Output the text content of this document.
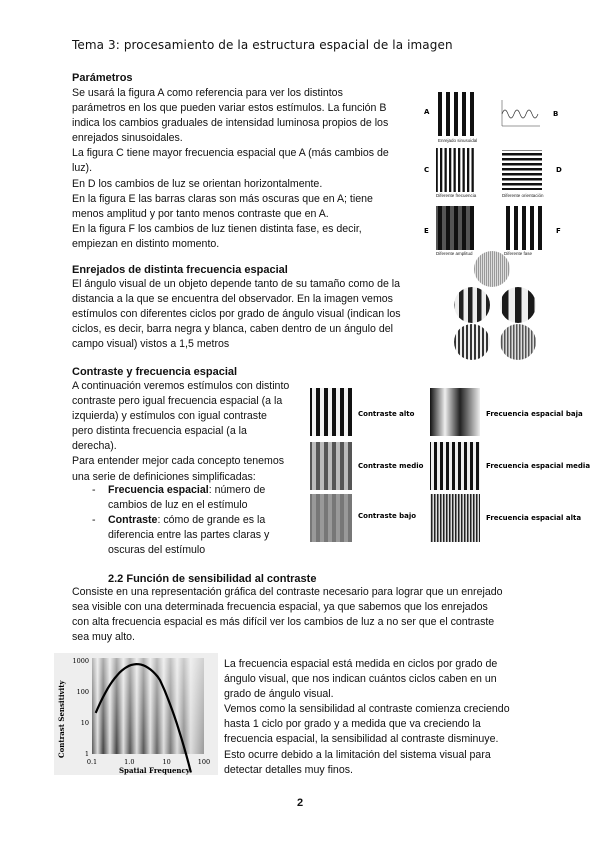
Tema 3: procesamiento de la estructura espacial de la imagen
Parámetros
Se usará la figura A como referencia para ver los distintos
parámetros en los que pueden variar estos estímulos. La función B
indica los cambios graduales de intensidad luminosa propios de los
enrejados sinusoidales.
La figura C tiene mayor frecuencia espacial que A (más cambios de
luz).
En D los cambios de luz se orientan horizontalmente.
En la figura E las barras claras son más oscuras que en A; tiene
menos amplitud y por tanto menos contraste que en A.
En la figura F los cambios de luz tienen distinta fase, es decir,
empiezan en distinto momento.
A
Enrejado sinusoidal
B
C
Diferente frecuencia	Diferente orientación
D
E
Diferente amplitud	Diferente fase
F
Enrejados de distinta frecuencia espacial
El ángulo visual de un objeto depende tanto de su tamaño como de la
distancia a la que se encuentra del observador. En la imagen vemos
estímulos con diferentes ciclos por grado de ángulo visual (indican los
ciclos, es decir, barra negra y blanca, caben dentro de un ángulo del
campo visual) vistos a 1,5 metros
Contraste y frecuencia espacial
A continuación veremos estímulos con distinto
contraste pero igual frecuencia espacial (a la
izquierda) y estímulos con igual contraste
pero distinta frecuencia espacial (a la
derecha).
Para entender mejor cada concepto tenemos
una serie de definiciones simplificadas:
- Frecuencia espacial: número de
cambios de luz en el estímulo
- Contraste: cómo de grande es la
diferencia entre las partes claras y
oscuras del estímulo
Contraste alto
Contraste medio
Contraste bajo
Frecuencia espacial baja
Frecuencia espacial media
Frecuencia espacial alta
2.2 Función de sensibilidad al contraste
Consiste en una representación gráfica del contraste necesario para lograr que un enrejado
sea visible con una determinada frecuencia espacial, ya que sabemos que los enrejados
con alta frecuencia espacial es más difícil ver los cambios de luz a no ser que el contraste
sea muy alto.
Contrast Sensitivity
1000
100
10
1
0.1	1.0	10	100
Spatial Frequency
La frecuencia espacial está medida en ciclos por grado de
ángulo visual, que nos indican cuántos ciclos caben en un
grado de ángulo visual.
Vemos como la sensibilidad al contraste comienza creciendo
hasta 1 ciclo por grado y a medida que va creciendo la
frecuencia espacial, la sensibilidad al contraste disminuye.
Esto ocurre debido a la limitación del sistema visual para
detectar detalles muy finos.
2
